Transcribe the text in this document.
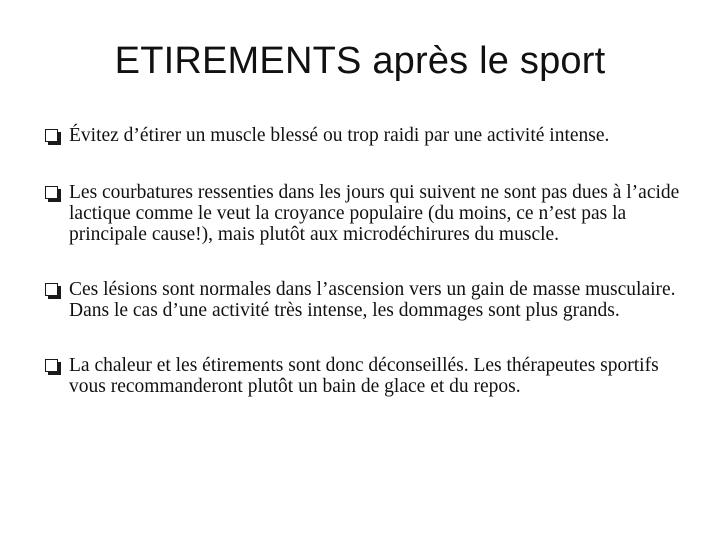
ETIREMENTS après le sport
Évitez d’étirer un muscle blessé ou trop raidi par une activité intense.
Les courbatures ressenties dans les jours qui suivent ne sont pas dues à l’acide lactique comme le veut la croyance populaire (du moins, ce n’est pas la principale cause!), mais plutôt aux microdéchirures du muscle.
Ces lésions sont normales dans l’ascension vers un gain de masse musculaire. Dans le cas d’une activité très intense, les dommages sont plus grands.
La chaleur et les étirements sont donc déconseillés. Les thérapeutes sportifs vous recommanderont plutôt un bain de glace et du repos.
